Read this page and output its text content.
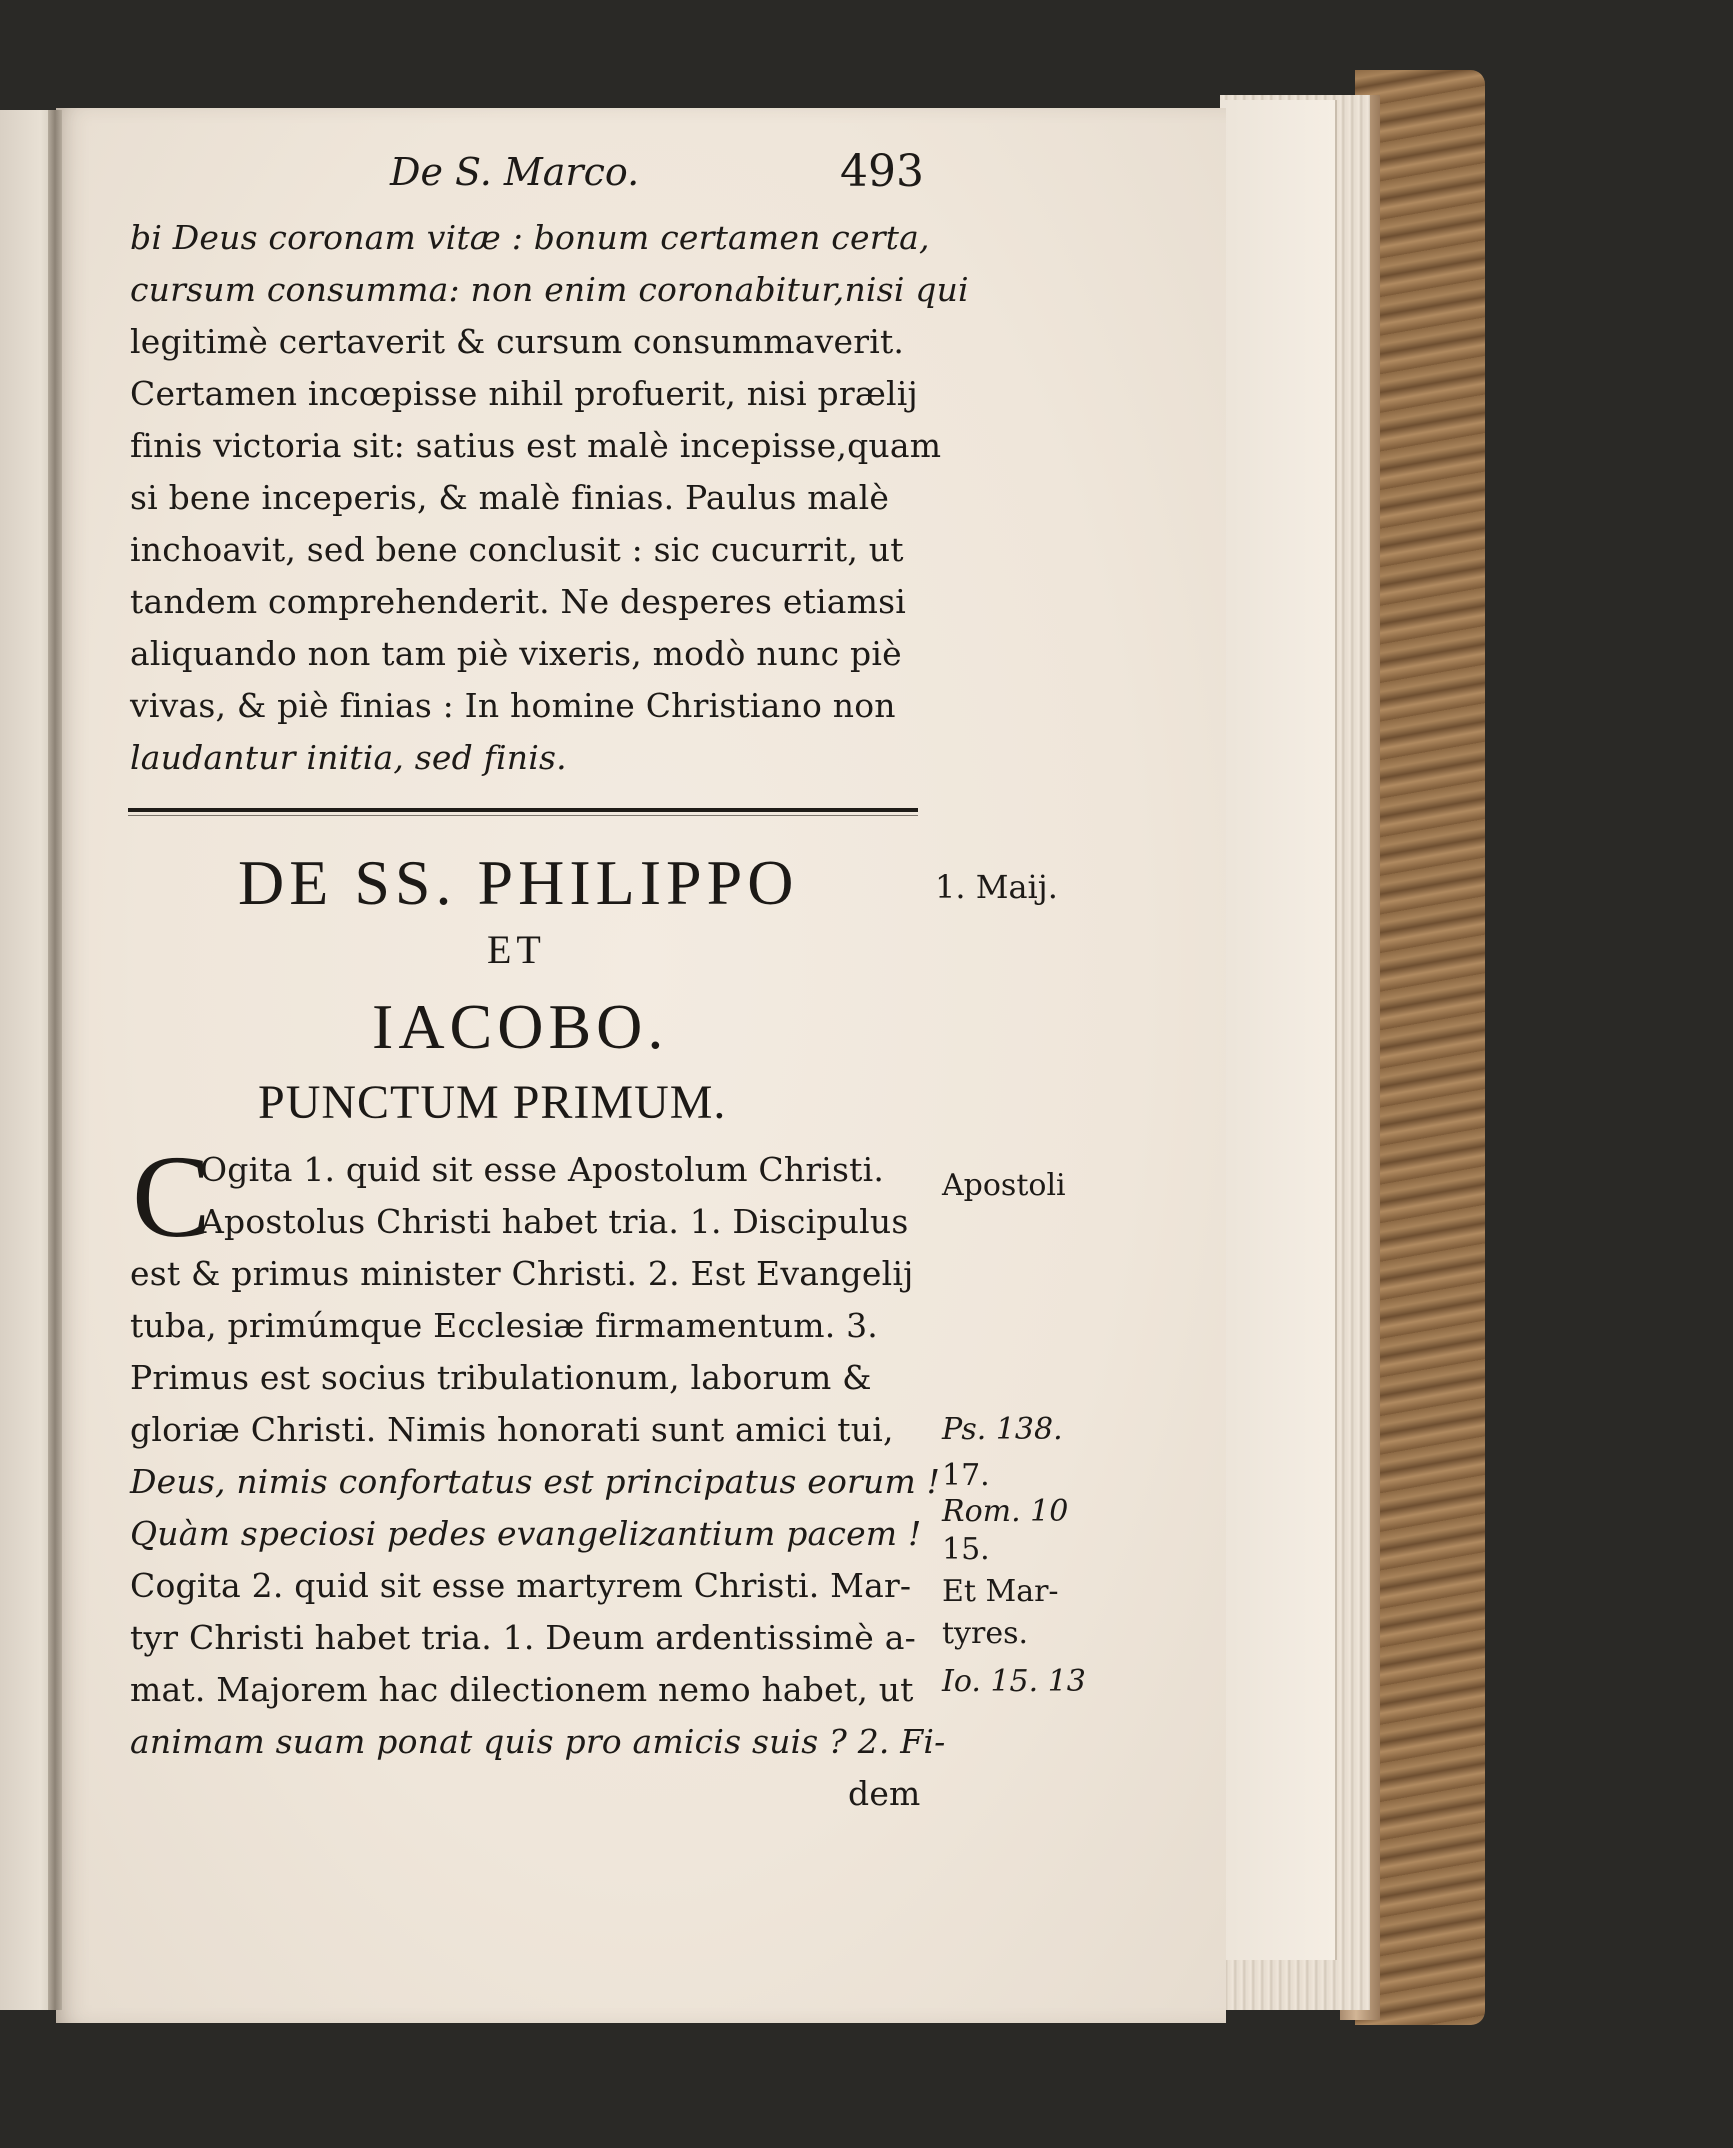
De S. Marco.	493
bi Deus coronam vitæ : bonum certamen certa,
cursum consumma: non enim coronabitur,nisi qui
legitimè certaverit & cursum consummaverit.
Certamen incœpisse nihil profuerit, nisi prælij
finis victoria sit: satius est malè incepisse,quam
si bene inceperis, & malè finias. Paulus malè
inchoavit, sed bene conclusit : sic cucurrit, ut
tandem comprehenderit. Ne desperes etiamsi
aliquando non tam piè vixeris, modò nunc piè
vivas, & piè finias : In homine Christiano non
laudantur initia, sed finis.
DE SS. PHILIPPO	1. Maij.
ET
IACOBO.
PUNCTUM PRIMUM.
C
Ogita 1. quid sit esse Apostolum Christi.
Apostolus Christi habet tria. 1. Discipulus
est & primus minister Christi. 2. Est Evangelij
tuba, primúmque Ecclesiæ firmamentum. 3.
Primus est socius tribulationum, laborum &
gloriæ Christi. Nimis honorati sunt amici tui,
Deus, nimis confortatus est principatus eorum !
Quàm speciosi pedes evangelizantium pacem !
Cogita 2. quid sit esse martyrem Christi. Mar-
tyr Christi habet tria. 1. Deum ardentissimè a-
mat. Majorem hac dilectionem nemo habet, ut
animam suam ponat quis pro amicis suis ? 2. Fi-
dem
Apostoli
Ps. 138.
17.
Rom. 10
15.
Et Mar-
tyres.
Io. 15. 13
